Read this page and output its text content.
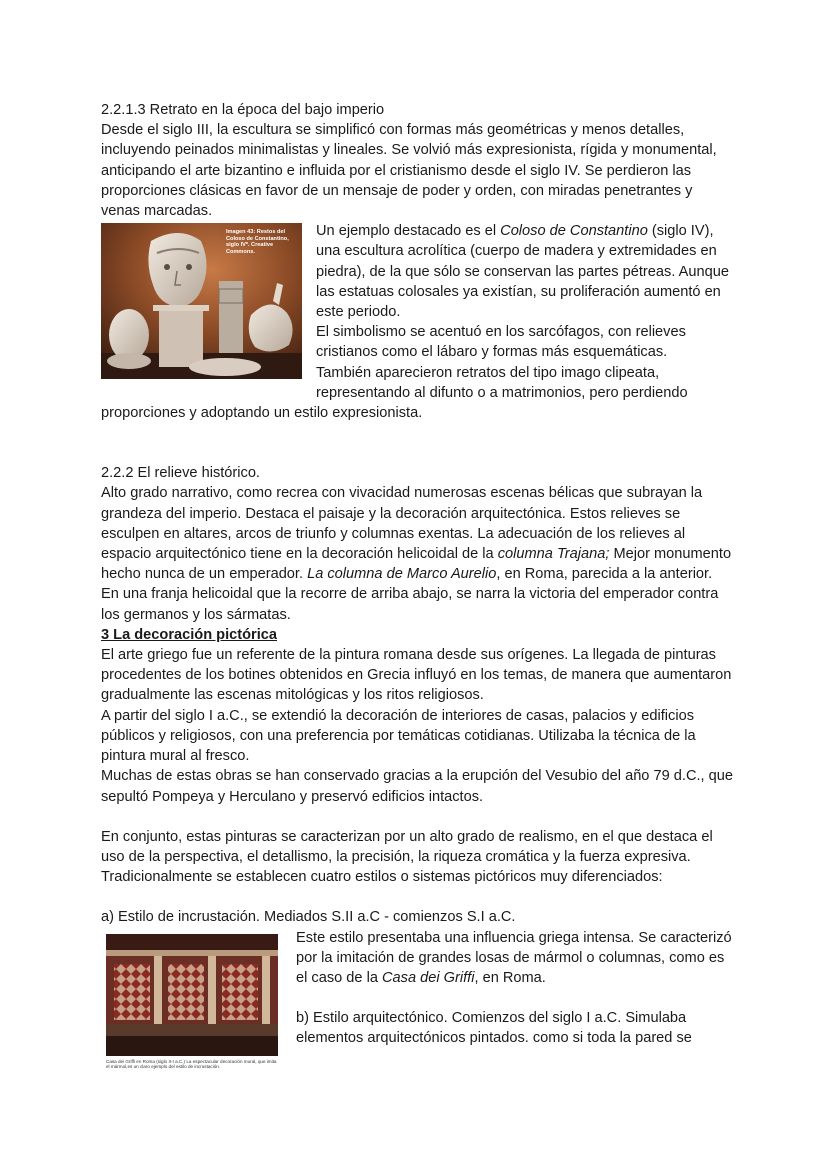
2.2.1.3 Retrato en la época del bajo imperio

Desde el siglo III, la escultura se simplificó con formas más geométricas y menos detalles, incluyendo peinados minimalistas y lineales. Se volvió más expresionista, rígida y monumental, anticipando el arte bizantino e influida por el cristianismo desde el siglo IV. Se perdieron las proporciones clásicas en favor de un mensaje de poder y orden, con miradas penetrantes y venas marcadas.

Imagen 43: Restos del Coloso de Constantino, siglo IVº. Creative Commons.

Un ejemplo destacado es el Coloso de Constantino (siglo IV), una escultura acrolítica (cuerpo de madera y extremidades en piedra), de la que sólo se conservan las partes pétreas. Aunque las estatuas colosales ya existían, su proliferación aumentó en este periodo.

El simbolismo se acentuó en los sarcófagos, con relieves cristianos como el lábaro y formas más esquemáticas.

También aparecieron retratos del tipo imago clipeata, representando al difunto o a matrimonios, pero perdiendo proporciones y adoptando un estilo expresionista.

2.2.2 El relieve histórico.

Alto grado narrativo, como recrea con vivacidad numerosas escenas bélicas que subrayan la grandeza del imperio. Destaca el paisaje y la decoración arquitectónica. Estos relieves se esculpen en altares, arcos de triunfo y columnas exentas. La adecuación de los relieves al espacio arquitectónico tiene en la decoración helicoidal de la columna Trajana; Mejor monumento hecho nunca de un emperador. La columna de Marco Aurelio, en Roma, parecida a la anterior. En una franja helicoidal que la recorre de arriba abajo, se narra la victoria del emperador contra los germanos y los sármatas.

3 La decoración pictórica

El arte griego fue un referente de la pintura romana desde sus orígenes. La llegada de pinturas procedentes de los botines obtenidos en Grecia influyó en los temas, de manera que aumentaron gradualmente las escenas mitológicas y los ritos religiosos.

A partir del siglo I a.C., se extendió la decoración de interiores de casas, palacios y edificios públicos y religiosos, con una preferencia por temáticas cotidianas. Utilizaba la técnica de la pintura mural al fresco.

Muchas de estas obras se han conservado gracias a la erupción del Vesubio del año 79 d.C., que sepultó Pompeya y Herculano y preservó edificios intactos.

En conjunto, estas pinturas se caracterizan por un alto grado de realismo, en el que destaca el uso de la perspectiva, el detallismo, la precisión, la riqueza cromática y la fuerza expresiva.

Tradicionalmente se establecen cuatro estilos o sistemas pictóricos muy diferenciados:

a) Estilo de incrustación. Mediados S.II a.C - comienzos S.I a.C.

Casa dei Griffi en Roma (siglo II-I a.C.) La espectacular decoración mural, que imita el mármol,es un claro ejemplo del estilo de incrustación.

Este estilo presentaba una influencia griega intensa. Se caracterizó por la imitación de grandes losas de mármol o columnas, como es el caso de la Casa dei Griffi, en Roma.

b) Estilo arquitectónico. Comienzos del siglo I a.C. Simulaba elementos arquitectónicos pintados. como si toda la pared se
